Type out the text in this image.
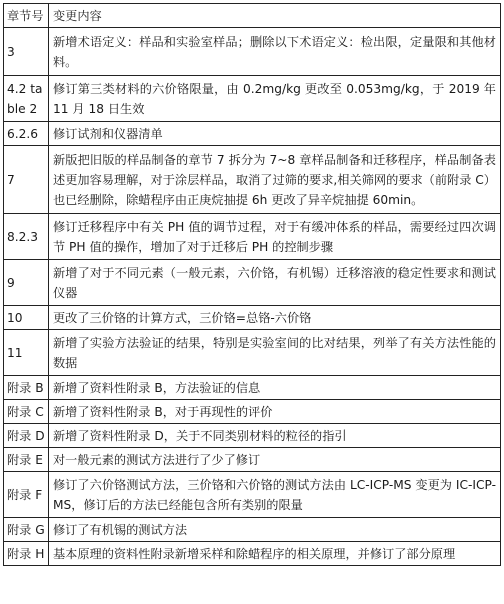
章节号	变更内容
3	新增术语定义：样品和实验室样品；删除以下术语定义：检出限，定量限和其他材料。
4.2 table 2	修订第三类材料的六价铬限量，由 0.2mg/kg 更改至 0.053mg/kg，于 2019 年 11 月 18 日生效
6.2.6	修订试剂和仪器清单
7	新版把旧版的样品制备的章节 7 拆分为 7~8 章样品制备和迁移程序，样品制备表述更加容易理解，对于涂层样品，取消了过筛的要求,相关筛网的要求（前附录 C）也已经删除，除蜡程序由正庚烷抽提 6h 更改了异辛烷抽提 60min。
8.2.3	修订迁移程序中有关 PH 值的调节过程，对于有缓冲体系的样品，需要经过四次调节 PH 值的操作，增加了对于迁移后 PH 的控制步骤
9	新增了对于不同元素（一般元素，六价铬，有机锡）迁移溶液的稳定性要求和测试仪器
10	更改了三价铬的计算方式，三价铬=总铬-六价铬
11	新增了实验方法验证的结果，特别是实验室间的比对结果，列举了有关方法性能的数据
附录 B	新增了资料性附录 B，方法验证的信息
附录 C	新增了资料性附录 B，对于再现性的评价
附录 D	新增了资料性附录 D，关于不同类别材料的粒径的指引
附录 E	对一般元素的测试方法进行了少了修订
附录 F	修订了六价铬测试方法，三价铬和六价铬的测试方法由 LC-ICP-MS 变更为 IC-ICP-MS，修订后的方法已经能包含所有类别的限量
附录 G	修订了有机锡的测试方法
附录 H	基本原理的资料性附录新增采样和除蜡程序的相关原理，并修订了部分原理
